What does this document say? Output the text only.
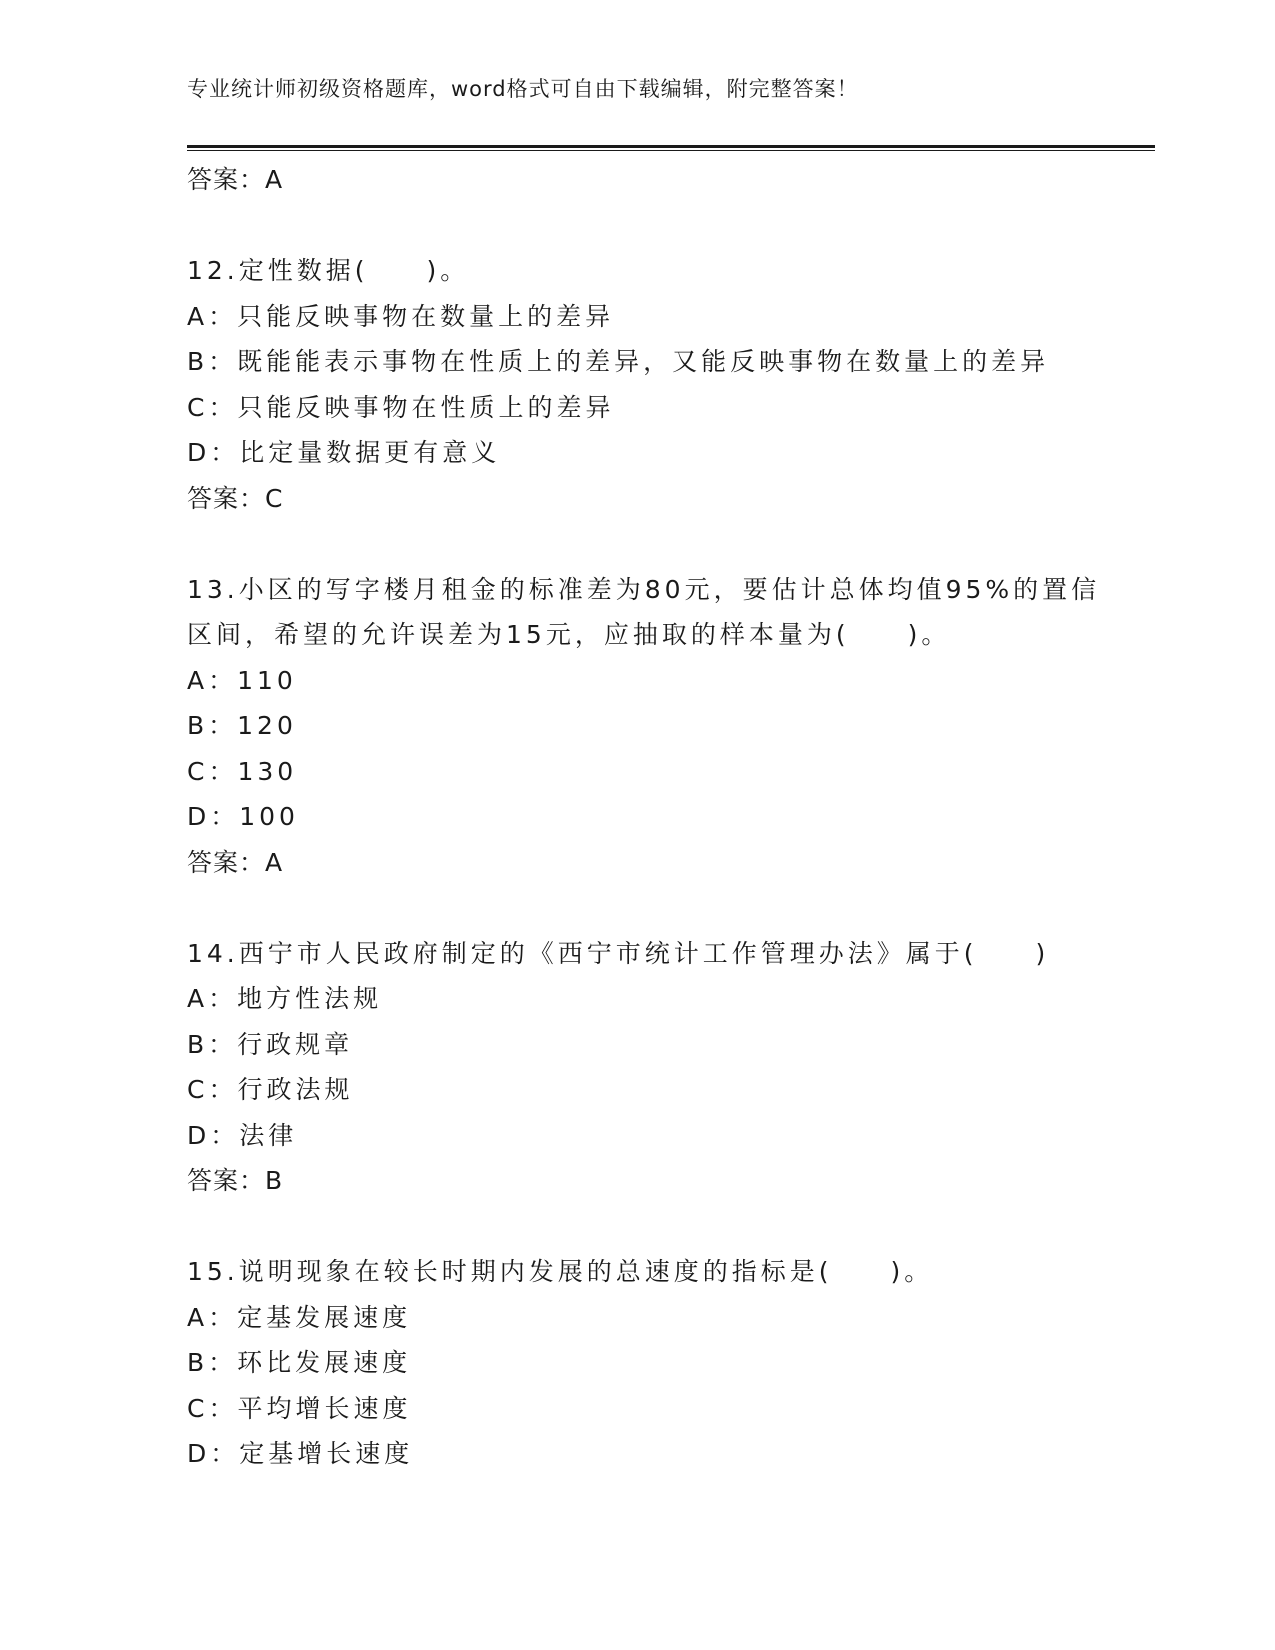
专业统计师初级资格题库，word格式可自由下载编辑，附完整答案！
答案：A
12.定性数据(　　)。
A：只能反映事物在数量上的差异
B：既能能表示事物在性质上的差异，又能反映事物在数量上的差异
C：只能反映事物在性质上的差异
D：比定量数据更有意义
答案：C
13.小区的写字楼月租金的标准差为80元，要估计总体均值95%的置信
区间，希望的允许误差为15元，应抽取的样本量为(　　)。
A：110
B：120
C：130
D：100
答案：A
14.西宁市人民政府制定的《西宁市统计工作管理办法》属于(　　)
A：地方性法规
B：行政规章
C：行政法规
D：法律
答案：B
15.说明现象在较长时期内发展的总速度的指标是(　　)。
A：定基发展速度
B：环比发展速度
C：平均增长速度
D：定基增长速度
